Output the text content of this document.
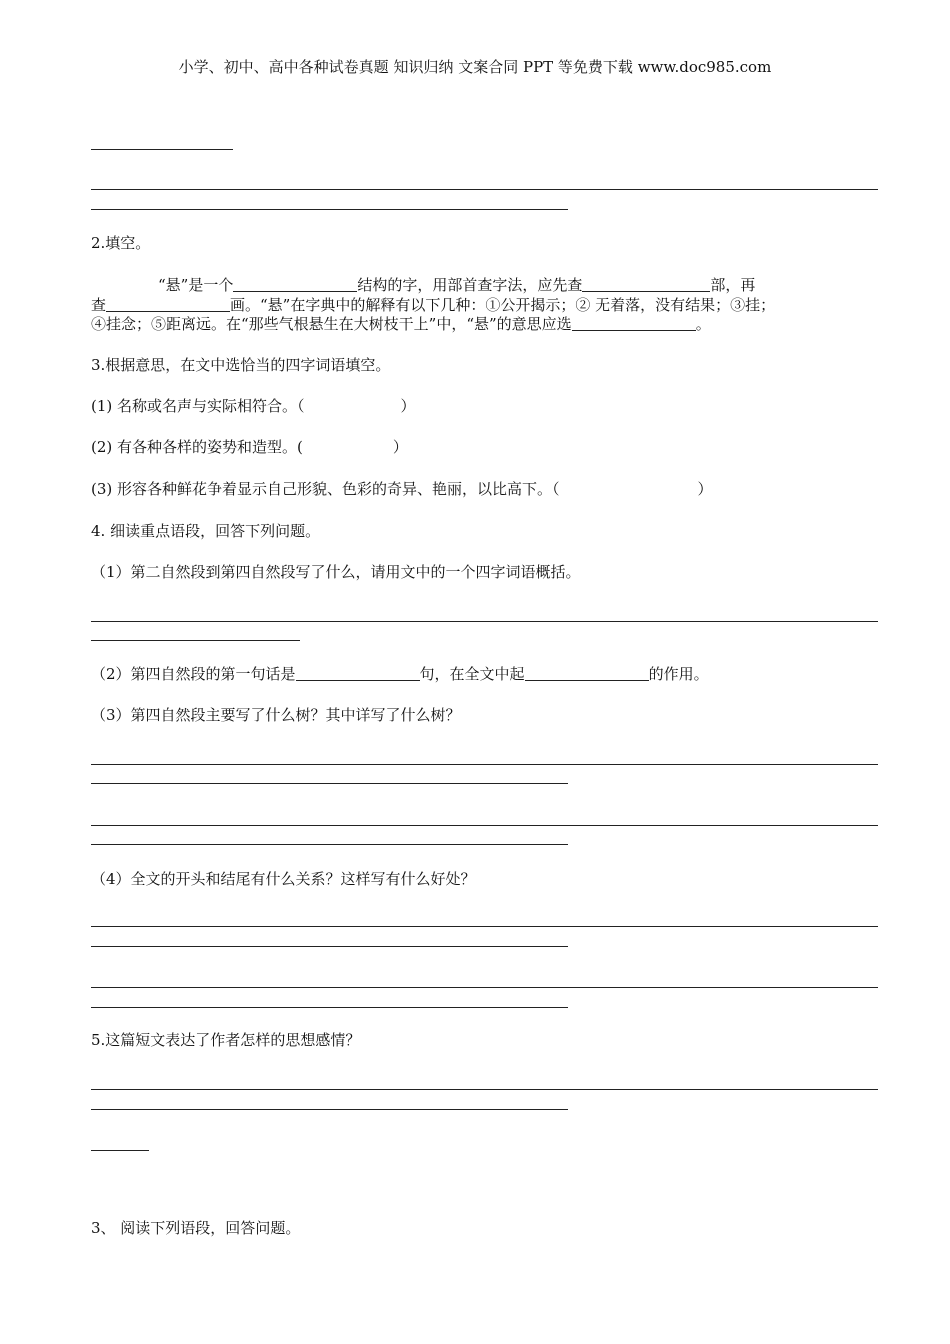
小学、初中、高中各种试卷真题 知识归纳 文案合同 PPT 等免费下载 www.doc985.com
2.填空。
“悬”是一个	结构的字，用部首查字法，应先查	部，再
查	画。“悬”在字典中的解释有以下几种：①公开揭示；② 无着落，没有结果；③挂；
④挂念；⑤距离远。在“那些气根悬生在大树枝干上”中，“悬”的意思应选	。
3.根据意思，在文中选恰当的四字词语填空。
(1) 名称或名声与实际相符合。（	）
(2) 有各种各样的姿势和造型。(	）
(3) 形容各种鲜花争着显示自己形貌、色彩的奇异、艳丽，以比高下。（	）
4. 细读重点语段，回答下列问题。
（1）第二自然段到第四自然段写了什么，请用文中的一个四字词语概括。
（2）第四自然段的第一句话是	句，在全文中起	的作用。
（3）第四自然段主要写了什么树？其中详写了什么树？
（4）全文的开头和结尾有什么关系？这样写有什么好处？
5.这篇短文表达了作者怎样的思想感情？
3、 阅读下列语段，回答问题。
